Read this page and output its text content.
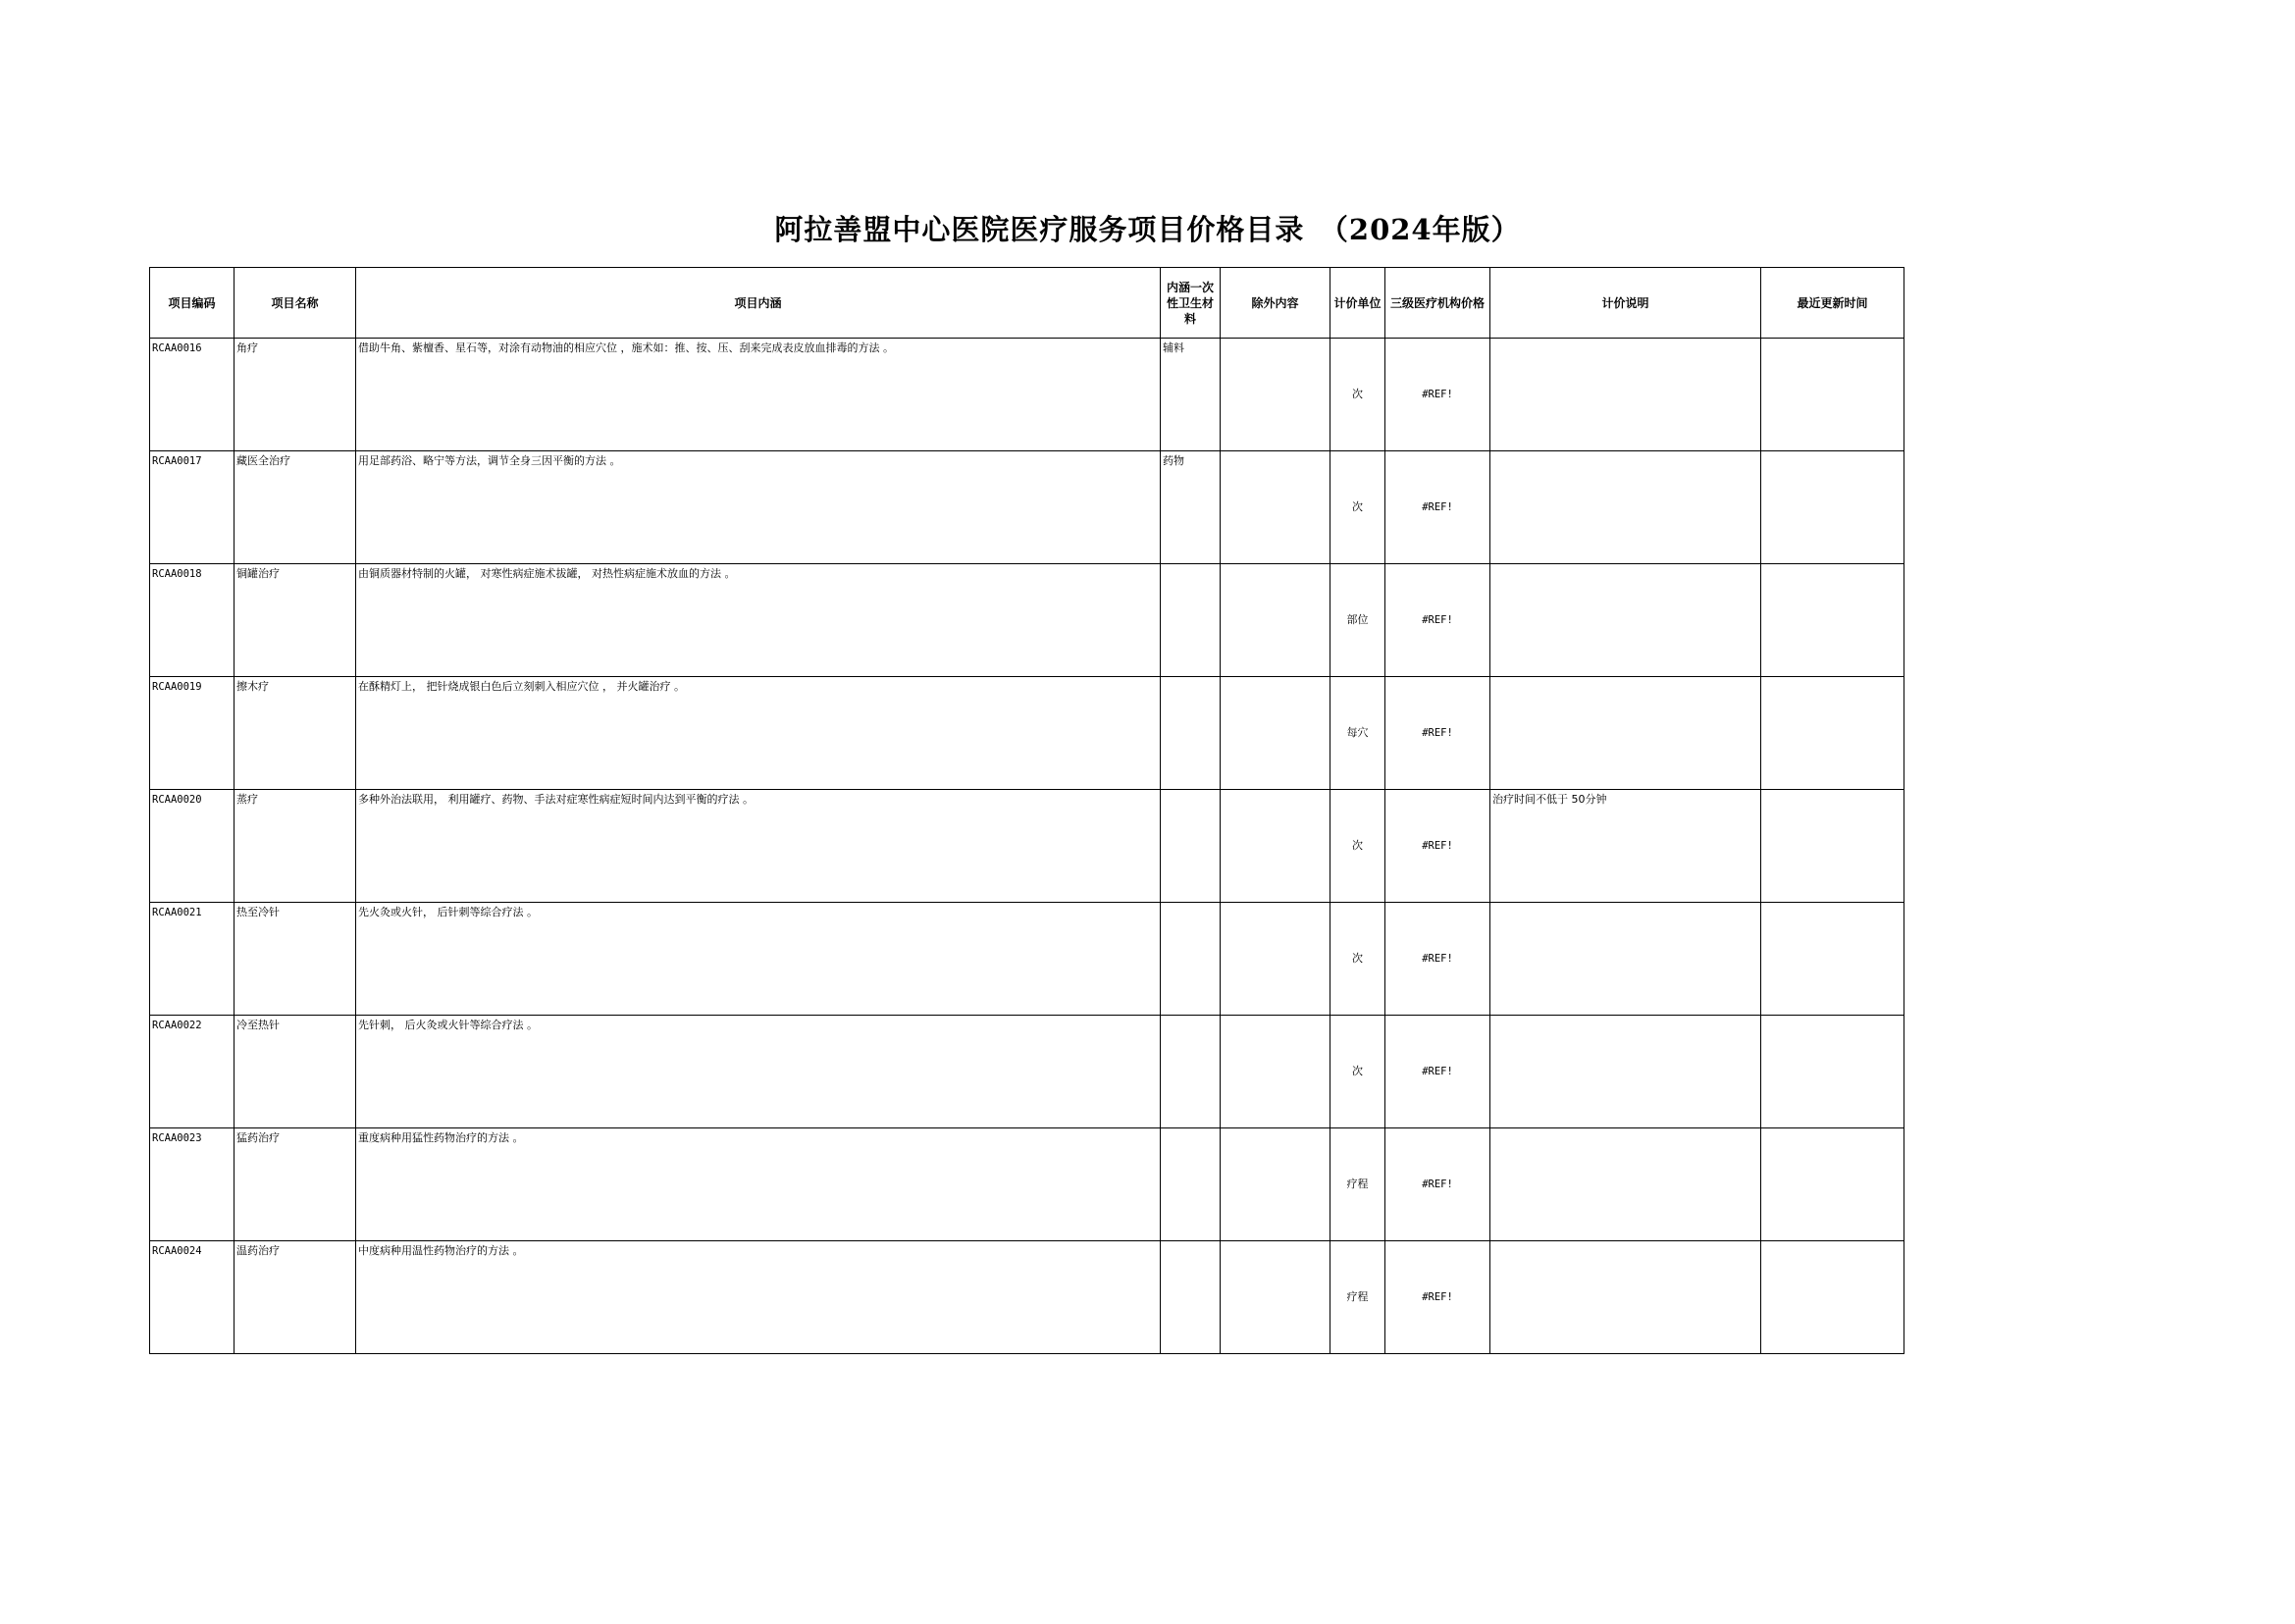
阿拉善盟中心医院医疗服务项目价格目录　（2024年版）
项目编码	项目名称	项目内涵	内涵一次性卫生材料	除外内容	计价单位	三级医疗机构价格	计价说明	最近更新时间
RCAA0016	角疗	借助牛角、紫檀香、星石等，对涂有动物油的相应穴位 ，施术如：推、按、压、刮来完成表皮放血排毒的方法 。	辅料		次	#REF!		
RCAA0017	藏医全治疗	用足部药浴、略宁等方法，调节全身三因平衡的方法 。	药物		次	#REF!		
RCAA0018	铜罐治疗	由铜质器材特制的火罐， 对寒性病症施术拔罐， 对热性病症施术放血的方法 。			部位	#REF!		
RCAA0019	擦木疗	在酥精灯上， 把针烧成银白色后立刻刺入相应穴位 ， 并火罐治疗 。			每穴	#REF!		
RCAA0020	蒸疗	多种外治法联用， 利用罐疗、药物、手法对症寒性病症短时间内达到平衡的疗法 。			次	#REF!	治疗时间不低于 50分钟	
RCAA0021	热至冷针	先火灸或火针， 后针刺等综合疗法 。			次	#REF!		
RCAA0022	冷至热针	先针刺， 后火灸或火针等综合疗法 。			次	#REF!		
RCAA0023	猛药治疗	重度病种用猛性药物治疗的方法 。			疗程	#REF!		
RCAA0024	温药治疗	中度病种用温性药物治疗的方法 。			疗程	#REF!		
